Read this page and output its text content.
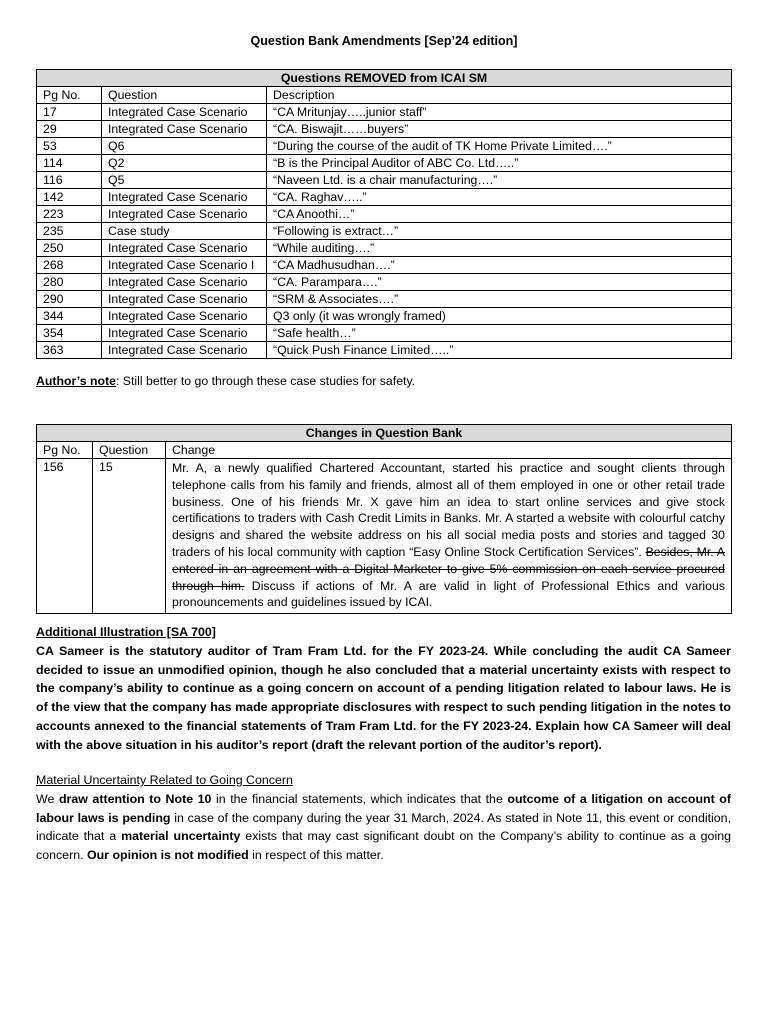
Question Bank Amendments [Sep’24 edition]
Questions REMOVED from ICAI SM		
Pg No.	Question	Description
17	Integrated Case Scenario	“CA Mritunjay…..junior staff”
29	Integrated Case Scenario	“CA. Biswajit……buyers”
53	Q6	“During the course of the audit of TK Home Private Limited….”
114	Q2	“B is the Principal Auditor of ABC Co. Ltd…..”
116	Q5	“Naveen Ltd. is a chair manufacturing….”
142	Integrated Case Scenario	“CA. Raghav…..”
223	Integrated Case Scenario	“CA Anoothi…”
235	Case study	“Following is extract…”
250	Integrated Case Scenario	“While auditing….”
268	Integrated Case Scenario I	“CA Madhusudhan….”
280	Integrated Case Scenario	“CA. Parampara….”
290	Integrated Case Scenario	“SRM & Associates….”
344	Integrated Case Scenario	Q3 only (it was wrongly framed)
354	Integrated Case Scenario	“Safe health…”
363	Integrated Case Scenario	“Quick Push Finance Limited…..”
Author’s note: Still better to go through these case studies for safety.
Changes in Question Bank		
Pg No.	Question	Change
156	15	Mr. A, a newly qualified Chartered Accountant, started his practice and sought clients through telephone calls from his family and friends, almost all of them employed in one or other retail trade business. One of his friends Mr. X gave him an idea to start online services and give stock certifications to traders with Cash Credit Limits in Banks. Mr. A started a website with colourful catchy designs and shared the website address on his all social media posts and stories and tagged 30 traders of his local community with caption “Easy Online Stock Certification Services”. Besides, Mr. A entered in an agreement with a Digital Marketer to give 5% commission on each service procured through him. Discuss if actions of Mr. A are valid in light of Professional Ethics and various pronouncements and guidelines issued by ICAI.
Additional Illustration [SA 700]
CA Sameer is the statutory auditor of Tram Fram Ltd. for the FY 2023-24. While concluding the audit CA Sameer decided to issue an unmodified opinion, though he also concluded that a material uncertainty exists with respect to the company’s ability to continue as a going concern on account of a pending litigation related to labour laws. He is of the view that the company has made appropriate disclosures with respect to such pending litigation in the notes to accounts annexed to the financial statements of Tram Fram Ltd. for the FY 2023-24. Explain how CA Sameer will deal with the above situation in his auditor’s report (draft the relevant portion of the auditor’s report).
Material Uncertainty Related to Going Concern
We draw attention to Note 10 in the financial statements, which indicates that the outcome of a litigation on account of labour laws is pending in case of the company during the year 31 March, 2024. As stated in Note 11, this event or condition, indicate that a material uncertainty exists that may cast significant doubt on the Company’s ability to continue as a going concern. Our opinion is not modified in respect of this matter.
